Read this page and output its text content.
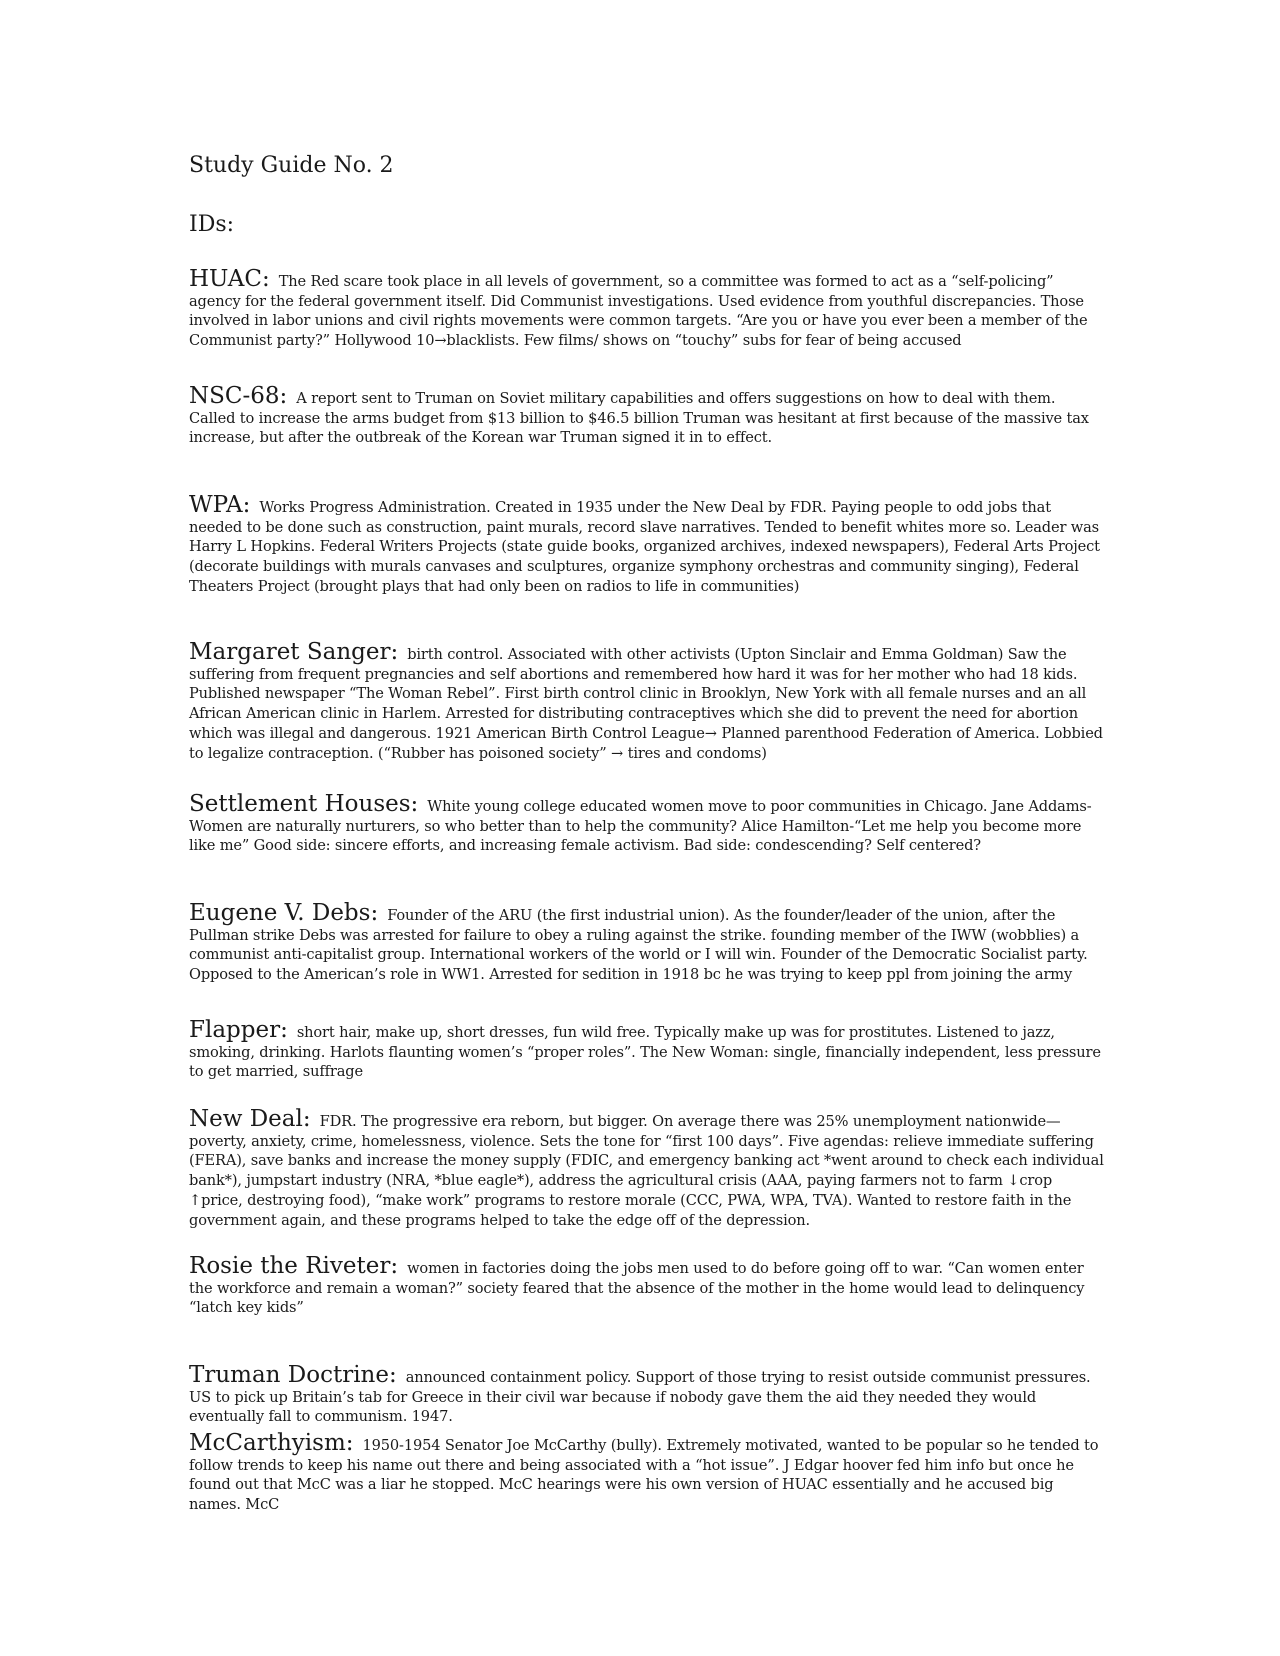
Study Guide No. 2
IDs:
HUAC: The Red scare took place in all levels of government, so a committee was formed to act as a “self-policing” agency for the federal government itself. Did Communist investigations. Used evidence from youthful discrepancies. Those involved in labor unions and civil rights movements were common targets. “Are you or have you ever been a member of the Communist party?” Hollywood 10→blacklists. Few films/ shows on “touchy” subs for fear of being accused
NSC-68: A report sent to Truman on Soviet military capabilities and offers suggestions on how to deal with them. Called to increase the arms budget from $13 billion to $46.5 billion Truman was hesitant at first because of the massive tax increase, but after the outbreak of the Korean war Truman signed it in to effect.
WPA: Works Progress Administration. Created in 1935 under the New Deal by FDR. Paying people to odd jobs that needed to be done such as construction, paint murals, record slave narratives. Tended to benefit whites more so. Leader was Harry L Hopkins. Federal Writers Projects (state guide books, organized archives, indexed newspapers), Federal Arts Project (decorate buildings with murals canvases and sculptures, organize symphony orchestras and community singing), Federal Theaters Project (brought plays that had only been on radios to life in communities)
Margaret Sanger: birth control. Associated with other activists (Upton Sinclair and Emma Goldman) Saw the suffering from frequent pregnancies and self abortions and remembered how hard it was for her mother who had 18 kids. Published newspaper “The Woman Rebel”. First birth control clinic in Brooklyn, New York with all female nurses and an all African American clinic in Harlem. Arrested for distributing contraceptives which she did to prevent the need for abortion which was illegal and dangerous. 1921 American Birth Control League→ Planned parenthood Federation of America. Lobbied to legalize contraception. (“Rubber has poisoned society” → tires and condoms)
Settlement Houses: White young college educated women move to poor communities in Chicago. Jane Addams-Women are naturally nurturers, so who better than to help the community? Alice Hamilton-“Let me help you become more like me” Good side: sincere efforts, and increasing female activism. Bad side: condescending? Self centered?
Eugene V. Debs: Founder of the ARU (the first industrial union). As the founder/leader of the union, after the Pullman strike Debs was arrested for failure to obey a ruling against the strike. founding member of the IWW (wobblies) a communist anti-capitalist group. International workers of the world or I will win. Founder of the Democratic Socialist party. Opposed to the American’s role in WW1. Arrested for sedition in 1918 bc he was trying to keep ppl from joining the army
Flapper: short hair, make up, short dresses, fun wild free. Typically make up was for prostitutes. Listened to jazz, smoking, drinking. Harlots flaunting women’s “proper roles”. The New Woman: single, financially independent, less pressure to get married, suffrage
New Deal: FDR. The progressive era reborn, but bigger. On average there was 25% unemployment nationwide—poverty, anxiety, crime, homelessness, violence. Sets the tone for “first 100 days”. Five agendas: relieve immediate suffering (FERA), save banks and increase the money supply (FDIC, and emergency banking act *went around to check each individual bank*), jumpstart industry (NRA, *blue eagle*), address the agricultural crisis (AAA, paying farmers not to farm ↓crop ↑price, destroying food), “make work” programs to restore morale (CCC, PWA, WPA, TVA). Wanted to restore faith in the government again, and these programs helped to take the edge off of the depression.
Rosie the Riveter: women in factories doing the jobs men used to do before going off to war. “Can women enter the workforce and remain a woman?” society feared that the absence of the mother in the home would lead to delinquency “latch key kids”
Truman Doctrine: announced containment policy. Support of those trying to resist outside communist pressures. US to pick up Britain’s tab for Greece in their civil war because if nobody gave them the aid they needed they would eventually fall to communism. 1947.
McCarthyism: 1950-1954 Senator Joe McCarthy (bully). Extremely motivated, wanted to be popular so he tended to follow trends to keep his name out there and being associated with a “hot issue”. J Edgar hoover fed him info but once he found out that McC was a liar he stopped. McC hearings were his own version of HUAC essentially and he accused big names. McC
